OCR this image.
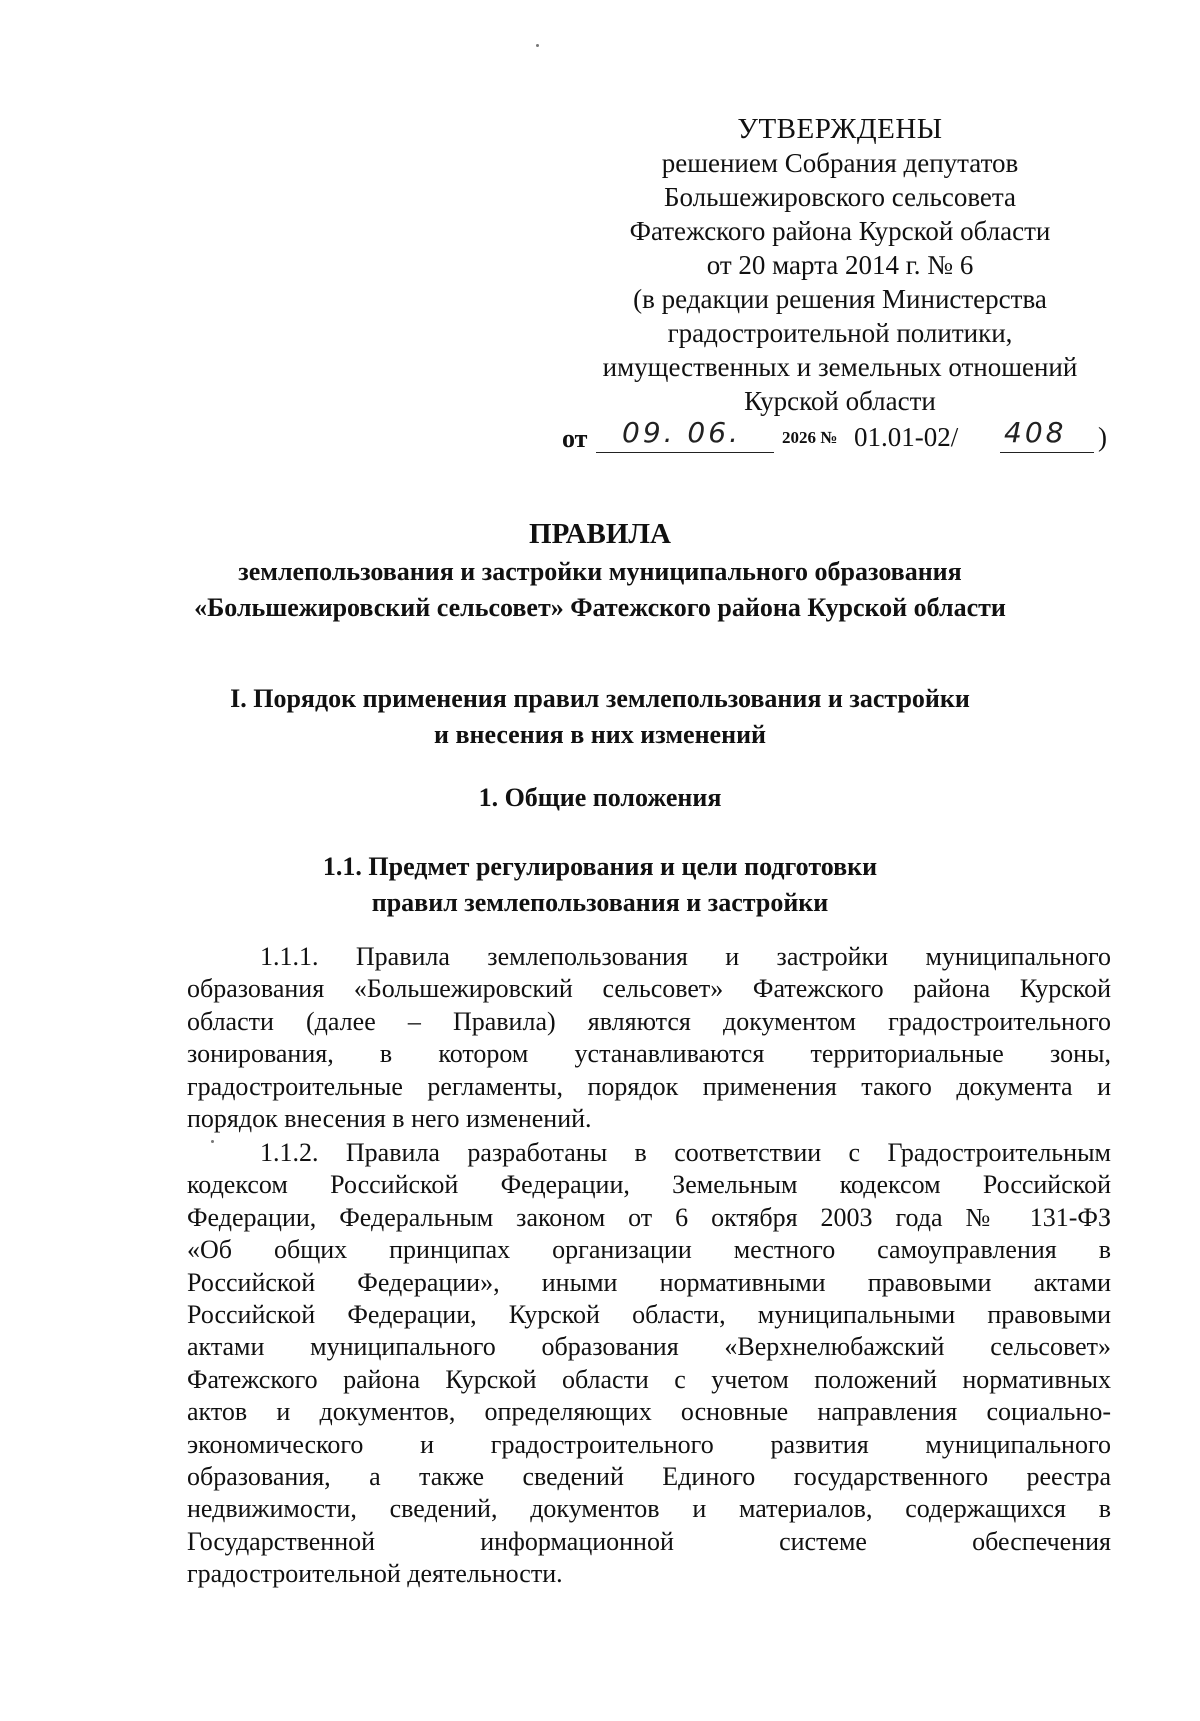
УТВЕРЖДЕНЫ
решением Собрания депутатов
Большежировского сельсовета
Фатежского района Курской области
от 20 марта 2014 г. № 6
(в редакции решения Министерства
градостроительной политики,
имущественных и земельных отношений
Курской области
от 09. 06. 2026 № 01.01-02/ 408 )
ПРАВИЛА
землепользования и застройки муниципального образования
«Большежировский сельсовет» Фатежского района Курской области
I. Порядок применения правил землепользования и застройки
и внесения в них изменений
1. Общие положения
1.1. Предмет регулирования и цели подготовки
правил землепользования и застройки
1.1.1. Правила землепользования и застройки муниципального
образования «Большежировский сельсовет» Фатежского района Курской
области (далее – Правила) являются документом градостроительного
зонирования, в котором устанавливаются территориальные зоны,
градостроительные регламенты, порядок применения такого документа и
порядок внесения в него изменений.
1.1.2. Правила разработаны в соответствии с Градостроительным
кодексом Российской Федерации, Земельным кодексом Российской
Федерации, Федеральным законом от 6 октября 2003 года № 131-ФЗ
«Об общих принципах организации местного самоуправления в
Российской Федерации», иными нормативными правовыми актами
Российской Федерации, Курской области, муниципальными правовыми
актами муниципального образования «Верхнелюбажский сельсовет»
Фатежского района Курской области с учетом положений нормативных
актов и документов, определяющих основные направления социально-
экономического и градостроительного развития муниципального
образования, а также сведений Единого государственного реестра
недвижимости, сведений, документов и материалов, содержащихся в
Государственной информационной системе обеспечения
градостроительной деятельности.
